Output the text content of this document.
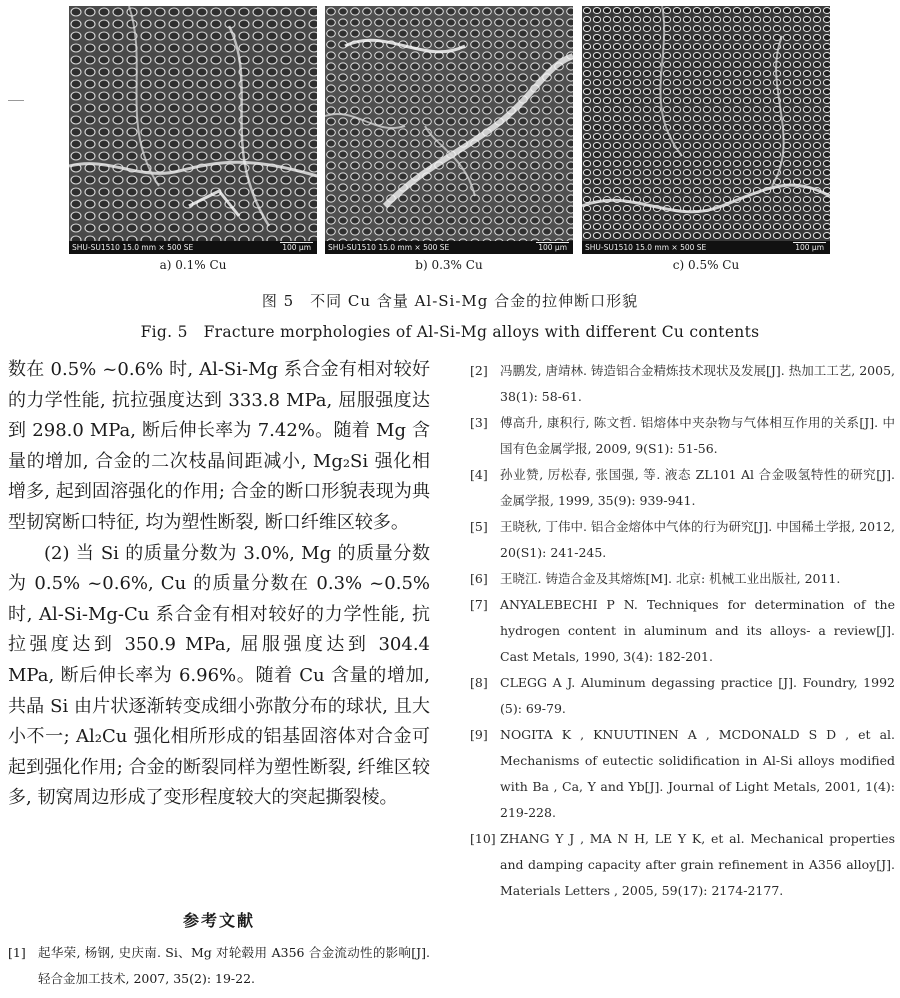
SHU-SU1510 15.0 mm × 500 SE	100 μm
a) 0.1% Cu
SHU-SU1510 15.0 mm × 500 SE	100 μm
b) 0.3% Cu
SHU-SU1510 15.0 mm × 500 SE	100 μm
c) 0.5% Cu
图 5　不同 Cu 含量 Al-Si-Mg 合金的拉伸断口形貌
Fig. 5　Fracture morphologies of Al-Si-Mg alloys with different Cu contents

数在 0.5% ~0.6% 时, Al-Si-Mg 系合金有相对较好的力学性能, 抗拉强度达到 333.8 MPa, 屈服强度达到 298.0 MPa, 断后伸长率为 7.42%。随着 Mg 含量的增加, 合金的二次枝晶间距减小, Mg₂Si 强化相增多, 起到固溶强化的作用; 合金的断口形貌表现为典型韧窝断口特征, 均为塑性断裂, 断口纤维区较多。

(2) 当 Si 的质量分数为 3.0%, Mg 的质量分数为 0.5% ~0.6%, Cu 的质量分数在 0.3% ~0.5% 时, Al-Si-Mg-Cu 系合金有相对较好的力学性能, 抗拉强度达到 350.9 MPa, 屈服强度达到 304.4 MPa, 断后伸长率为 6.96%。随着 Cu 含量的增加, 共晶 Si 由片状逐渐转变成细小弥散分布的球状, 且大小不一; Al₂Cu 强化相所形成的铝基固溶体对合金可起到强化作用; 合金的断裂同样为塑性断裂, 纤维区较多, 韧窝周边形成了变形程度较大的突起撕裂棱。

参考文献
[1] 起华荣, 杨钢, 史庆南. Si、Mg 对轮毂用 A356 合金流动性的影响[J]. 轻合金加工技术, 2007, 35(2): 19-22.
[2] 冯鹏发, 唐靖林. 铸造铝合金精炼技术现状及发展[J]. 热加工工艺, 2005, 38(1): 58-61.
[3] 傅高升, 康积行, 陈文哲. 铝熔体中夹杂物与气体相互作用的关系[J]. 中国有色金属学报, 2009, 9(S1): 51-56.
[4] 孙业赞, 厉松春, 张国强, 等. 液态 ZL101 Al 合金吸氢特性的研究[J]. 金属学报, 1999, 35(9): 939-941.
[5] 王晓秋, 丁伟中. 铝合金熔体中气体的行为研究[J]. 中国稀土学报, 2012, 20(S1): 241-245.
[6] 王晓江. 铸造合金及其熔炼[M]. 北京: 机械工业出版社, 2011.
[7] ANYALEBECHI P N. Techniques for determination of the hydrogen content in aluminum and its alloys- a review[J]. Cast Metals, 1990, 3(4): 182-201.
[8] CLEGG A J. Aluminum degassing practice [J]. Foundry, 1992 (5): 69-79.
[9] NOGITA K , KNUUTINEN A , MCDONALD S D , et al. Mechanisms of eutectic solidification in Al-Si alloys modified with Ba , Ca, Y and Yb[J]. Journal of Light Metals, 2001, 1(4): 219-228.
[10] ZHANG Y J , MA N H, LE Y K, et al. Mechanical properties and damping capacity after grain refinement in A356 alloy[J]. Materials Letters , 2005, 59(17): 2174-2177.
